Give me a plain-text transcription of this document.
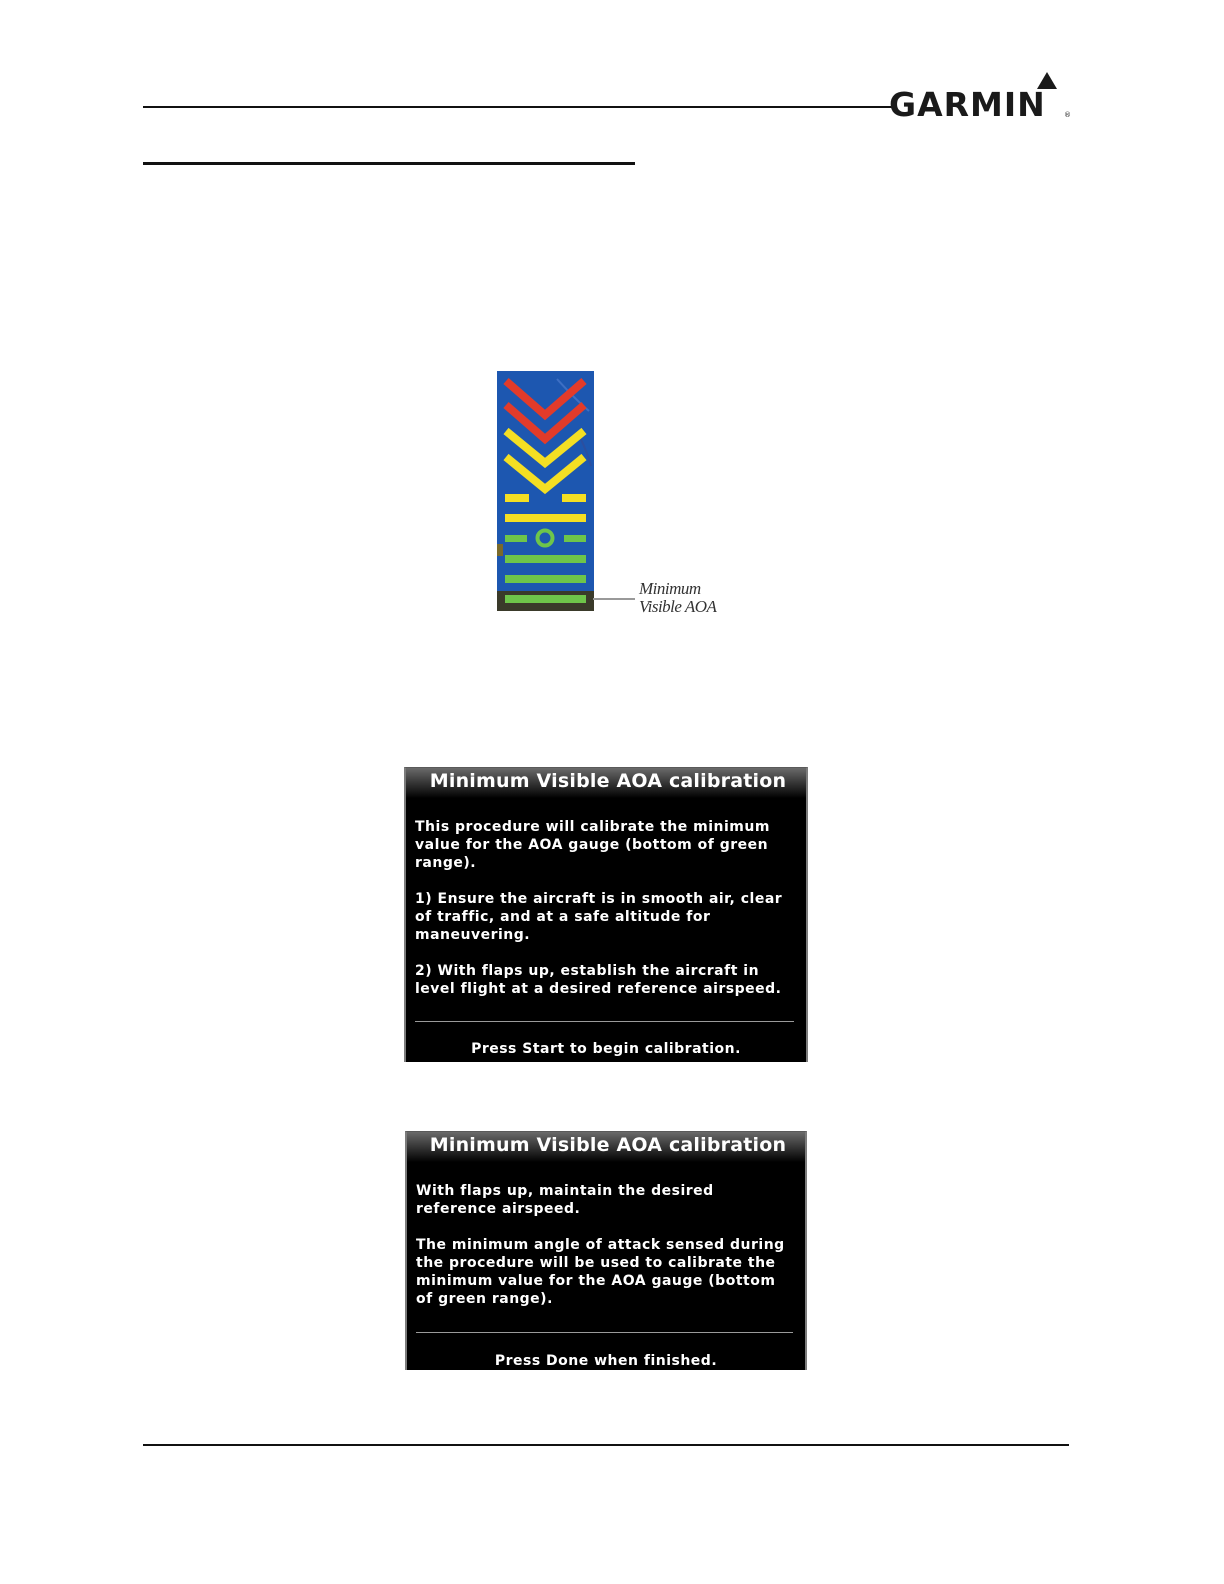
GARMIN	®
Minimum
Visible AOA
Minimum Visible AOA calibration

This procedure will calibrate the minimum
value for the AOA gauge (bottom of green
range).

1) Ensure the aircraft is in smooth air, clear
of traffic, and at a safe altitude for
maneuvering.

2) With flaps up, establish the aircraft in
level flight at a desired reference airspeed.

Press Start to begin calibration.
Minimum Visible AOA calibration

With flaps up, maintain the desired
reference airspeed.

The minimum angle of attack sensed during
the procedure will be used to calibrate the
minimum value for the AOA gauge (bottom
of green range).

Press Done when finished.
